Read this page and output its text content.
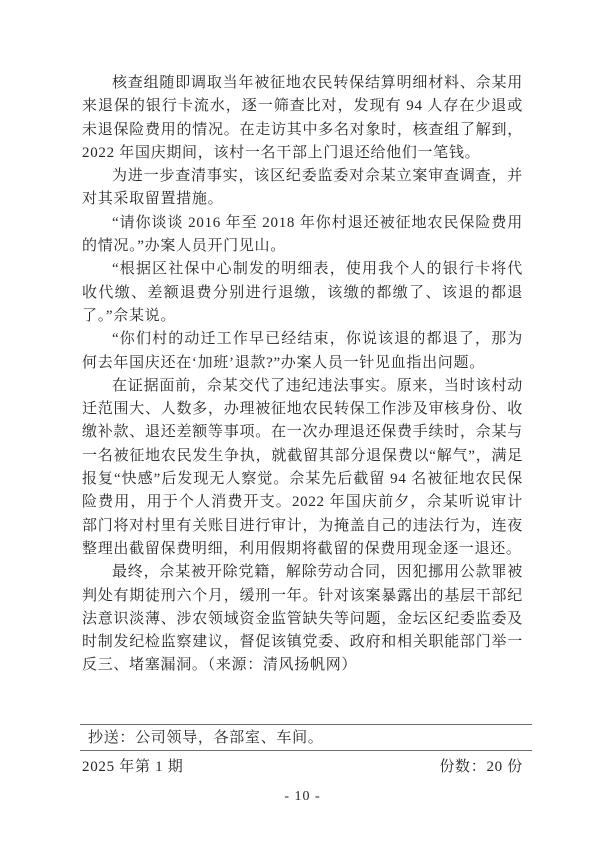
核查组随即调取当年被征地农民转保结算明细材料、佘某用来退保的银行卡流水，逐一筛查比对，发现有 94 人存在少退或未退保险费用的情况。在走访其中多名对象时，核查组了解到，2022 年国庆期间，该村一名干部上门退还给他们一笔钱。

为进一步查清事实，该区纪委监委对佘某立案审查调查，并对其采取留置措施。

“请你谈谈 2016 年至 2018 年你村退还被征地农民保险费用的情况。”办案人员开门见山。

“根据区社保中心制发的明细表，使用我个人的银行卡将代收代缴、差额退费分别进行退缴，该缴的都缴了、该退的都退了。”佘某说。

“你们村的动迁工作早已经结束，你说该退的都退了，那为何去年国庆还在‘加班’退款?”办案人员一针见血指出问题。

在证据面前，佘某交代了违纪违法事实。原来，当时该村动迁范围大、人数多，办理被征地农民转保工作涉及审核身份、收缴补款、退还差额等事项。在一次办理退还保费手续时，佘某与一名被征地农民发生争执，就截留其部分退保费以“解气”，满足报复“快感”后发现无人察觉。佘某先后截留 94 名被征地农民保险费用，用于个人消费开支。2022 年国庆前夕，佘某听说审计部门将对村里有关账目进行审计，为掩盖自己的违法行为，连夜整理出截留保费明细，利用假期将截留的保费用现金逐一退还。

最终，佘某被开除党籍，解除劳动合同，因犯挪用公款罪被判处有期徒刑六个月，缓刑一年。针对该案暴露出的基层干部纪法意识淡薄、涉农领域资金监管缺失等问题，金坛区纪委监委及时制发纪检监察建议，督促该镇党委、政府和相关职能部门举一反三、堵塞漏洞。（来源：清风扬帆网）

抄送：公司领导，各部室、车间。
2025 年第 1 期	份数：20 份
- 10 -
